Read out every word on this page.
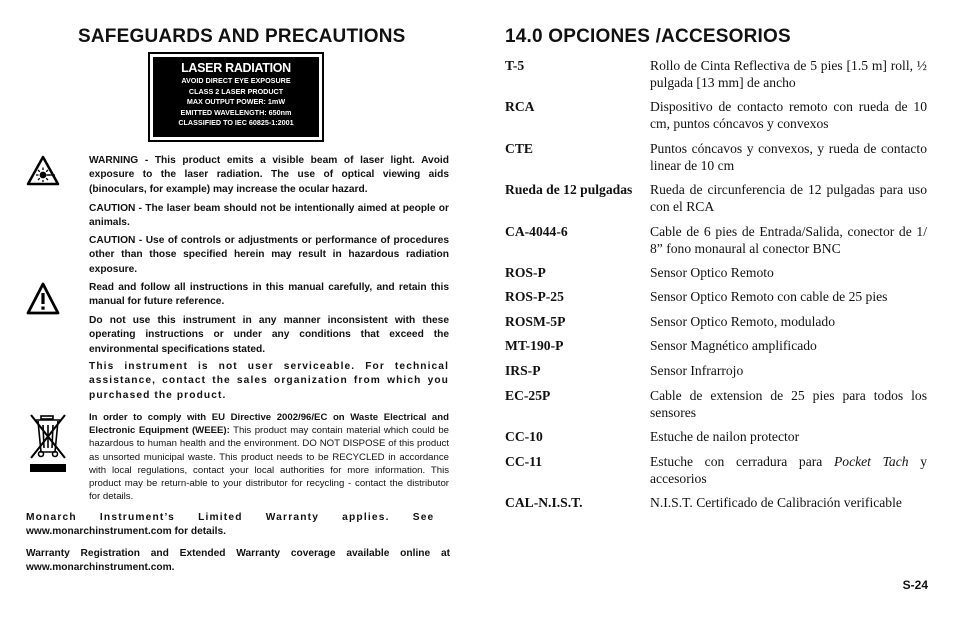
SAFEGUARDS AND PRECAUTIONS
LASER RADIATION
AVOID DIRECT EYE EXPOSURE
CLASS 2 LASER PRODUCT
MAX OUTPUT POWER: 1mW
EMITTED WAVELENGTH: 650nm
CLASSIFIED TO IEC 60825-1:2001

WARNING - This product emits a visible beam of laser light. Avoid exposure to the laser radiation. The use of optical viewing aids (binoculars, for example) may increase the ocular hazard.

CAUTION - The laser beam should not be intentionally aimed at people or animals.

CAUTION - Use of controls or adjustments or performance of procedures other than those specified herein may result in hazardous radiation exposure.

Read and follow all instructions in this manual carefully, and retain this manual for future reference.

Do not use this instrument in any manner inconsistent with these operating instructions or under any conditions that exceed the environmental specifications stated.

This instrument is not user serviceable. For technical assistance, contact the sales organization from which you purchased the product.

In order to comply with EU Directive 2002/96/EC on Waste Electrical and Electronic Equipment (WEEE): This product may contain material which could be hazardous to human health and the environment. DO NOT DISPOSE of this product as unsorted municipal waste. This product needs to be RECYCLED in accordance with local regulations, contact your local authorities for more information. This product may be return-able to your distributor for recycling - contact the distributor for details.

Monarch Instrument’s Limited Warranty applies. See
www.monarchinstrument.com for details.

Warranty Registration and Extended Warranty coverage available online at www.monarchinstrument.com.

14.0 OPCIONES /ACCESORIOS
T-5	Rollo de Cinta Reflectiva de 5 pies [1.5 m] roll, ½ pulgada [13 mm] de ancho
RCA	Dispositivo de contacto remoto con rueda de 10 cm, puntos cóncavos y convexos
CTE	Puntos cóncavos y convexos, y rueda de contacto linear de 10 cm
Rueda de 12 pulgadas	Rueda de circunferencia de 12 pulgadas para uso con el RCA
CA-4044-6	Cable de 6 pies de Entrada/Salida, conector de 1/ 8” fono monaural al conector BNC
ROS-P	Sensor Optico Remoto
ROS-P-25	Sensor Optico Remoto con cable de 25 pies
ROSM-5P	Sensor Optico Remoto, modulado
MT-190-P	Sensor Magnético amplificado
IRS-P	Sensor Infrarrojo
EC-25P	Cable de extension de 25 pies para todos los sensores
CC-10	Estuche de nailon protector
CC-11	Estuche con cerradura para Pocket Tach y accesorios
CAL-N.I.S.T.	N.I.S.T. Certificado de Calibración verificable
S-24
